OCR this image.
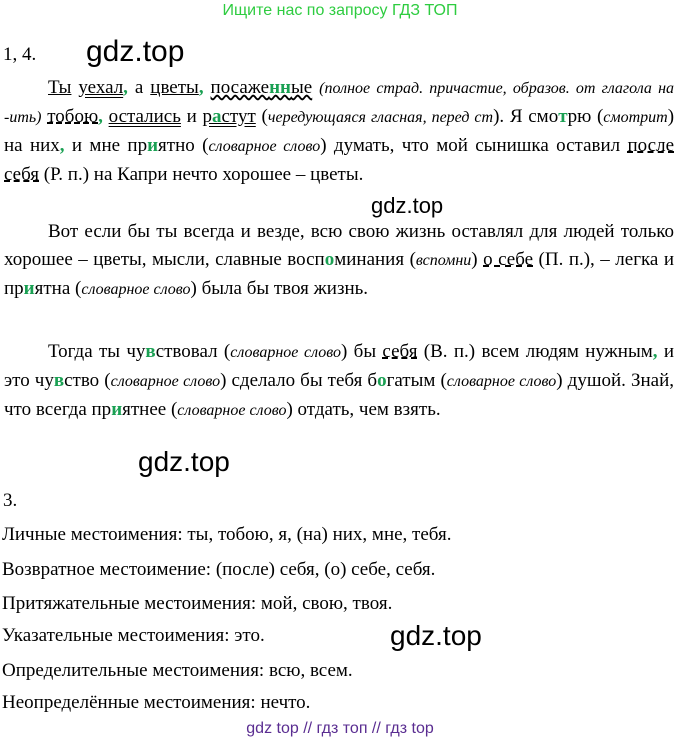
Ищите нас по запросу ГДЗ ТОП
1, 4. gdz.top

Ты уехал, а цветы, посаженные (полное страд. причастие, образов. от глагола на -ить) тобою, остались и растут (чередующаяся гласная, перед ст). Я смотрю (смотрит) на них, и мне приятно (словарное слово) думать, что мой сынишка оставил после себя (Р. п.) на Капри нечто хорошее – цветы.

gdz.top

Вот если бы ты всегда и везде, всю свою жизнь оставлял для людей только хорошее – цветы, мысли, славные воспоминания (вспомни) о себе (П. п.), – легка и приятна (словарное слово) была бы твоя жизнь.

Тогда ты чувствовал (словарное слово) бы себя (В. п.) всем людям нужным, и это чувство (словарное слово) сделало бы тебя богатым (словарное слово) душой. Знай, что всегда приятнее (словарное слово) отдать, чем взять.

gdz.top
3.
Личные местоимения: ты, тобою, я, (на) них, мне, тебя.
Возвратное местоимение: (после) себя, (о) себе, себя.
Притяжательные местоимения: мой, свою, твоя.
Указательные местоимения: это.	gdz.top
Определительные местоимения: всю, всем.
Неопределённые местоимения: нечто.
gdz top // гдз топ // гдз top
